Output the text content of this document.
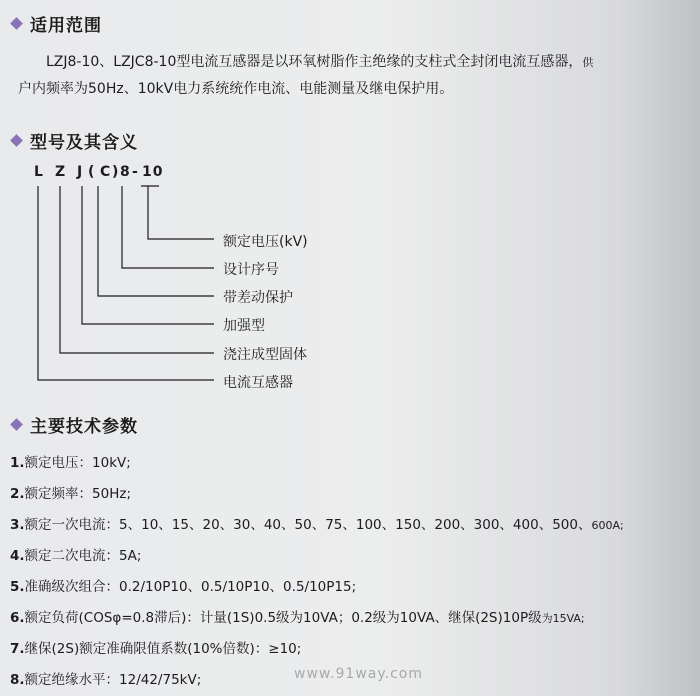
适用范围

LZJ8-10、LZJC8-10型电流互感器是以环氧树脂作主绝缘的支柱式全封闭电流互感器，供

户内频率为50Hz、10kV电力系统统作电流、电能测量及继电保护用。

型号及其含义
L Z J ( C ) 8 - 10
额定电压(kV)
设计序号
带差动保护
加强型
浇注成型固体
电流互感器
主要技术参数
1.额定电压：10kV;
2.额定频率：50Hz;
3.额定一次电流：5、10、15、20、30、40、50、75、100、150、200、300、400、500、600A;
4.额定二次电流：5A;
5.准确级次组合：0.2/10P10、0.5/10P10、0.5/10P15;
6.额定负荷(COSφ=0.8滞后)：计量(1S)0.5级为10VA；0.2级为10VA、继保(2S)10P级为15VA;
7.继保(2S)额定准确限值系数(10%倍数)：≥10;
8.额定绝缘水平：12/42/75kV;	www.91way.com
